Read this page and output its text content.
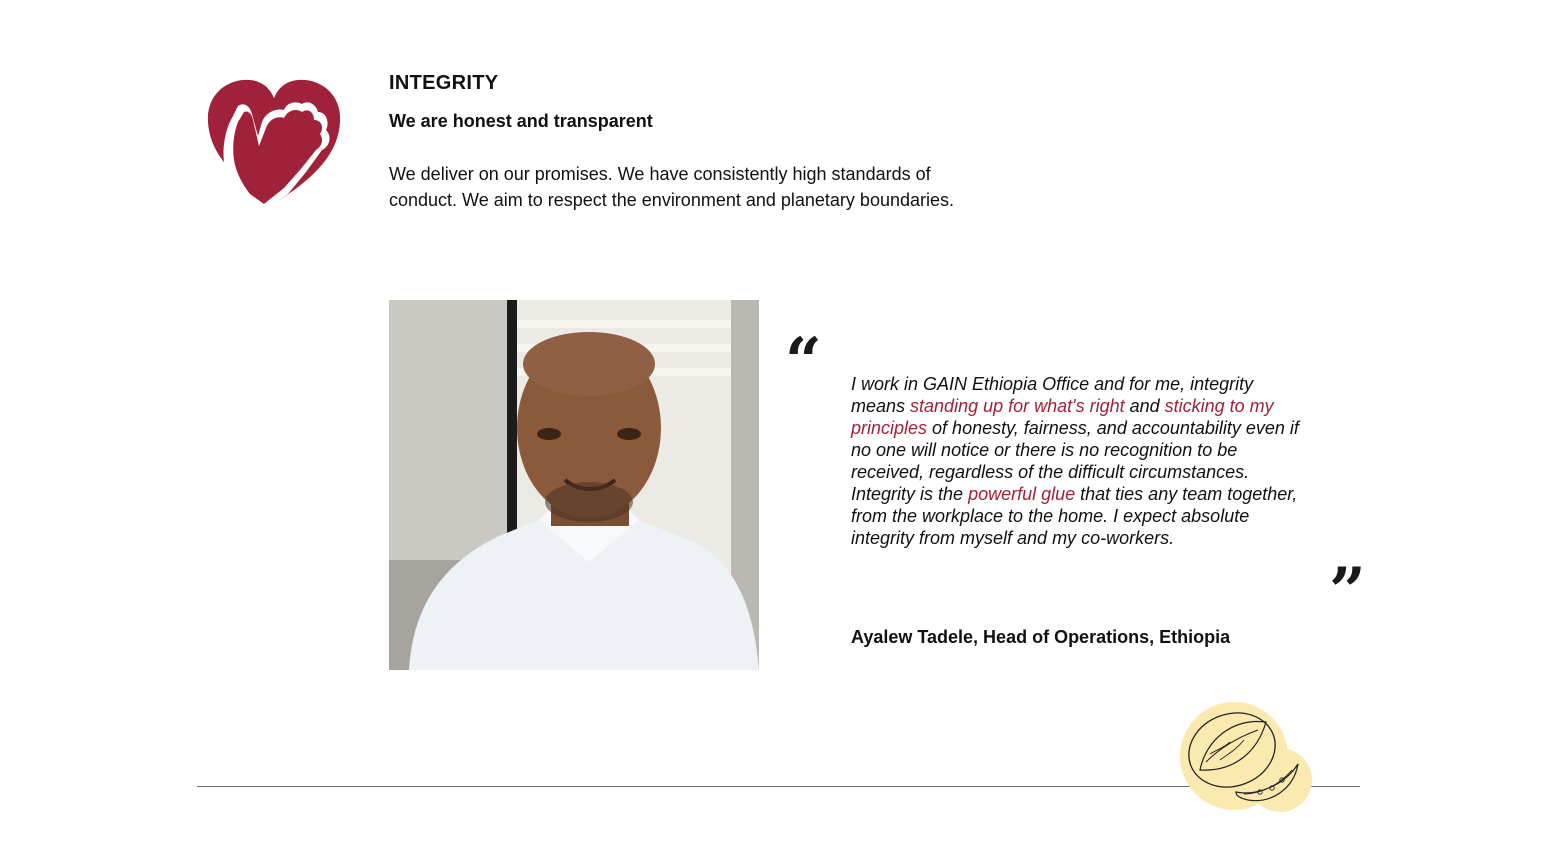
INTEGRITY
We are honest and transparent

We deliver on our promises. We have consistently high standards of conduct. We aim to respect the environment and planetary boundaries.

“ I work in GAIN Ethiopia Office and for me, integrity means standing up for what's right and sticking to my principles of honesty, fairness, and accountability even if no one will notice or there is no recognition to be received, regardless of the difficult circumstances. Integrity is the powerful glue that ties any team together, from the workplace to the home. I expect absolute integrity from myself and my co-workers.

”

Ayalew Tadele, Head of Operations, Ethiopia
